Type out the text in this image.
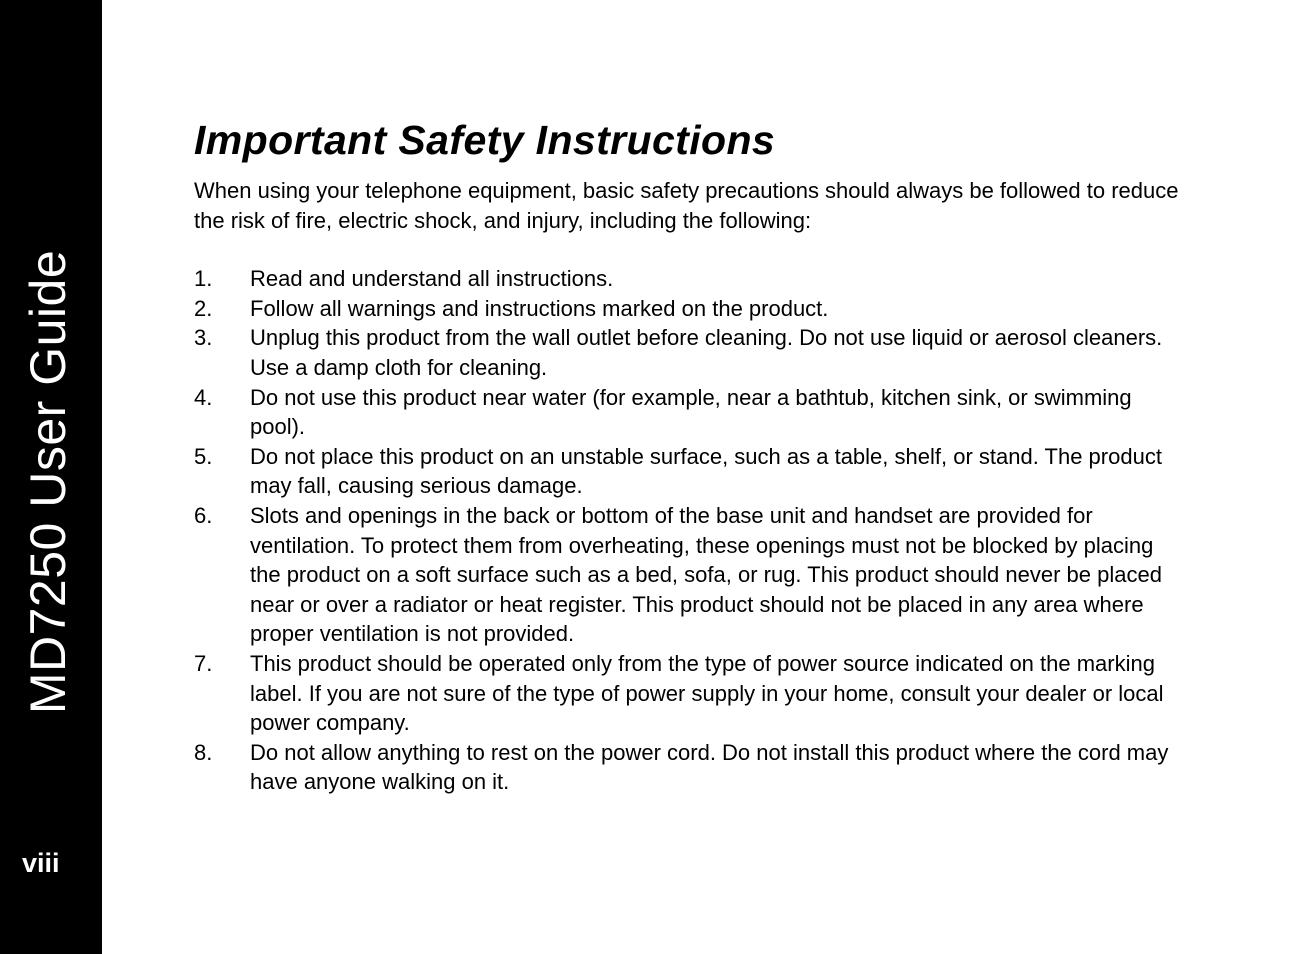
MD7250 User Guide
viii
Important Safety Instructions

When using your telephone equipment, basic safety precautions should always be followed to reduce the risk of fire, electric shock, and injury, including the following:

1.	Read and understand all instructions.
2.	Follow all warnings and instructions marked on the product.
3.	Unplug this product from the wall outlet before cleaning. Do not use liquid or aerosol cleaners. Use a damp cloth for cleaning.
4.	Do not use this product near water (for example, near a bathtub, kitchen sink, or swimming pool).
5.	Do not place this product on an unstable surface, such as a table, shelf, or stand. The product may fall, causing serious damage.
6.	Slots and openings in the back or bottom of the base unit and handset are provided for ventilation. To protect them from overheating, these openings must not be blocked by placing the product on a soft surface such as a bed, sofa, or rug. This product should never be placed near or over a radiator or heat register. This product should not be placed in any area where proper ventilation is not provided.
7.	This product should be operated only from the type of power source indicated on the marking label. If you are not sure of the type of power supply in your home, consult your dealer or local power company.
8.	Do not allow anything to rest on the power cord. Do not install this product where the cord may have anyone walking on it.
